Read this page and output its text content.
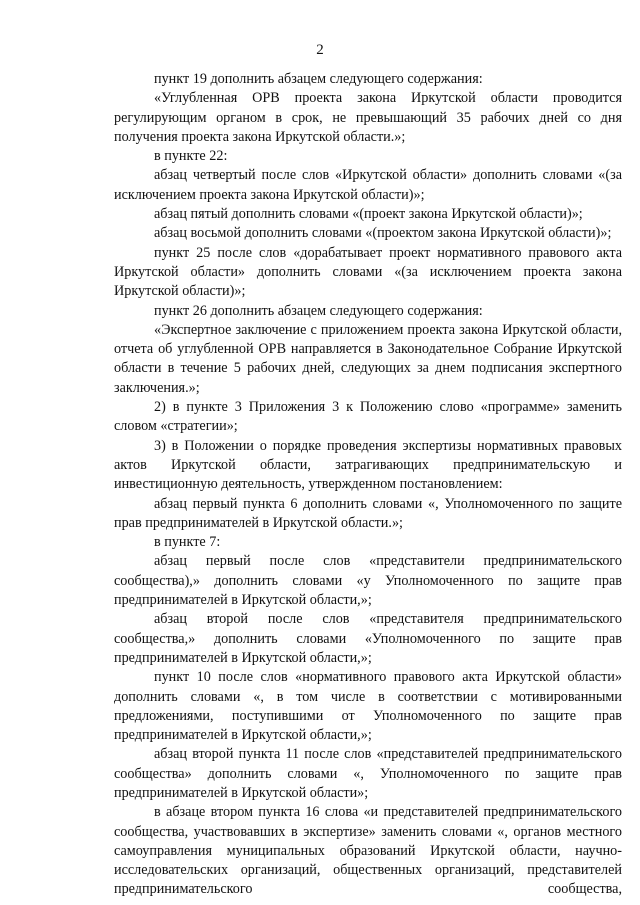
2

пункт 19 дополнить абзацем следующего содержания:

«Углубленная ОРВ проекта закона Иркутской области проводится регулирующим органом в срок, не превышающий 35 рабочих дней со дня получения проекта закона Иркутской области.»;

в пункте 22:

абзац четвертый после слов «Иркутской области» дополнить словами «(за исключением проекта закона Иркутской области)»;

абзац пятый дополнить словами «(проект закона Иркутской области)»;

абзац восьмой дополнить словами «(проектом закона Иркутской области)»;

пункт 25 после слов «дорабатывает проект нормативного правового акта Иркутской области» дополнить словами «(за исключением проекта закона Иркутской области)»;

пункт 26 дополнить абзацем следующего содержания:

«Экспертное заключение с приложением проекта закона Иркутской области, отчета об углубленной ОРВ направляется в Законодательное Собрание Иркутской области в течение 5 рабочих дней, следующих за днем подписания экспертного заключения.»;

2) в пункте 3 Приложения 3 к Положению слово «программе» заменить словом «стратегии»;

3) в Положении о порядке проведения экспертизы нормативных правовых актов Иркутской области, затрагивающих предпринимательскую и инвестиционную деятельность, утвержденном постановлением:

абзац первый пункта 6 дополнить словами «, Уполномоченного по защите прав предпринимателей в Иркутской области.»;

в пункте 7:

абзац первый после слов «представители предпринимательского сообщества),» дополнить словами «у Уполномоченного по защите прав предпринимателей в Иркутской области,»;

абзац второй после слов «представителя предпринимательского сообщества,» дополнить словами «Уполномоченного по защите прав предпринимателей в Иркутской области,»;

пункт 10 после слов «нормативного правового акта Иркутской области» дополнить словами «, в том числе в соответствии с мотивированными предложениями, поступившими от Уполномоченного по защите прав предпринимателей в Иркутской области,»;

абзац второй пункта 11 после слов «представителей предпринимательского сообщества» дополнить словами «, Уполномоченного по защите прав предпринимателей в Иркутской области»;

в абзаце втором пункта 16 слова «и представителей предпринимательского сообщества, участвовавших в экспертизе» заменить словами «, органов местного самоуправления муниципальных образований Иркутской области, научно-исследовательских организаций, общественных организаций, представителей предпринимательского сообщества,
